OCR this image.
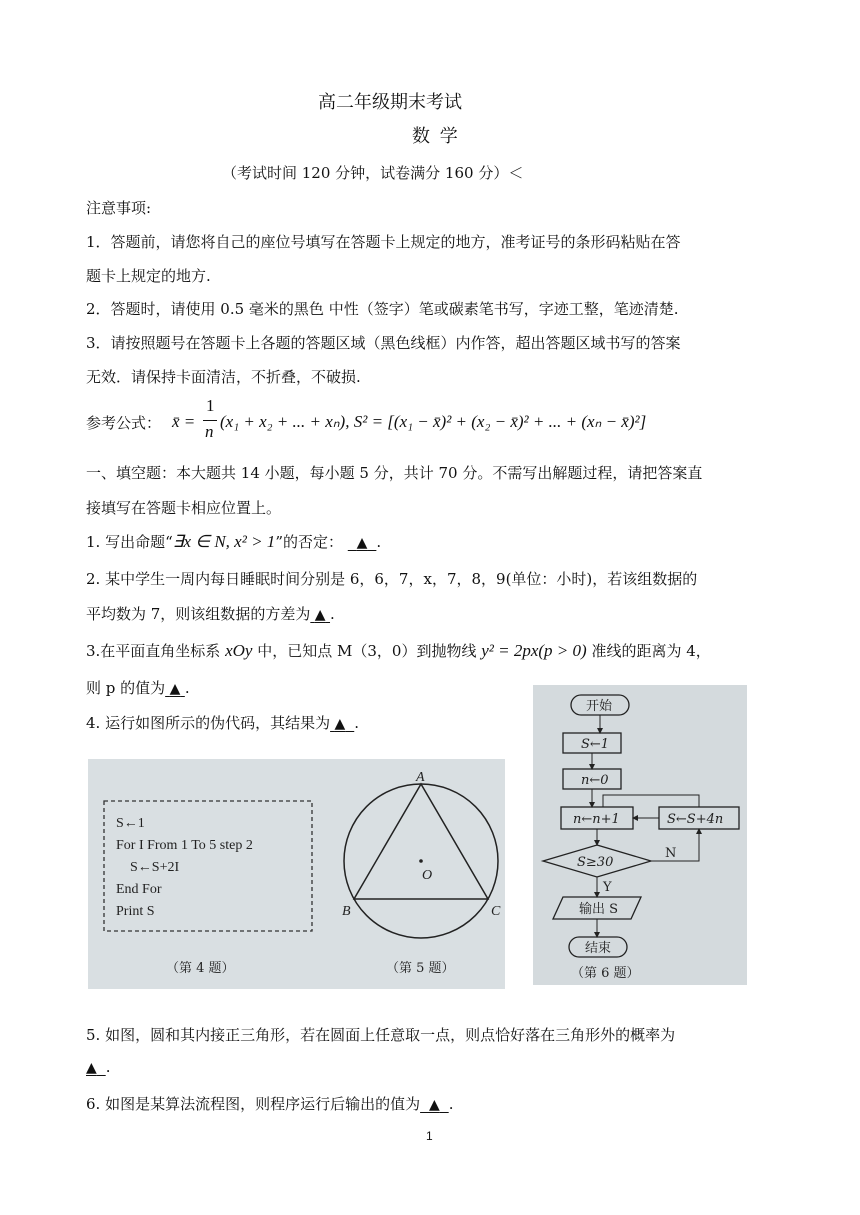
高二年级期末考试
数 学
（考试时间 120 分钟，试卷满分 160 分）＜
注意事项:
1．答题前，请您将自己的座位号填写在答题卡上规定的地方，准考证号的条形码粘贴在答
题卡上规定的地方.
2．答题时，请使用 0.5 毫米的黑色 中性（签字）笔或碳素笔书写，字迹工整，笔迹清楚.
3．请按照题号在答题卡上各题的答题区域（黑色线框）内作答，超出答题区域书写的答案
无效．请保持卡面清洁，不折叠，不破损.
参考公式： x̄ =
1
n
(x₁ + x₂ + ... + xₙ), S² = [(x₁ − x̄)² + (x₂ − x̄)² + ... + (xₙ − x̄)²]
一、填空题：本大题共 14 小题，每小题 5 分，共计 70 分。不需写出解题过程，请把答案直
接填写在答题卡相应位置上。
1. 写出命题“∃x ∈ N, x² > 1”的否定： ▲ .
2. 某中学生一周内每日睡眠时间分别是 6，6，7，x，7，8，9(单位：小时)，若该组数据的
平均数为 7，则该组数据的方差为 ▲ .
3.在平面直角坐标系 xOy 中，已知点 M（3，0）到抛物线 y² = 2px(p > 0) 准线的距离为 4，
则 p 的值为 ▲ .
4. 运行如图所示的伪代码，其结果为 ▲ .
S←1
For I From 1 To 5 step 2
S←S+2I
End For
Print S
（第 4 题）
A
B	C
O
（第 5 题）
开始
S←1
n←0
n←n+1	S←S+4n
S≥30
N
Y
输出 S
结束
（第 6 题）
5. 如图，圆和其内接正三角形，若在圆面上任意取一点，则点恰好落在三角形外的概率为
▲ .
6. 如图是某算法流程图，则程序运行后输出的值为 ▲ .
1
